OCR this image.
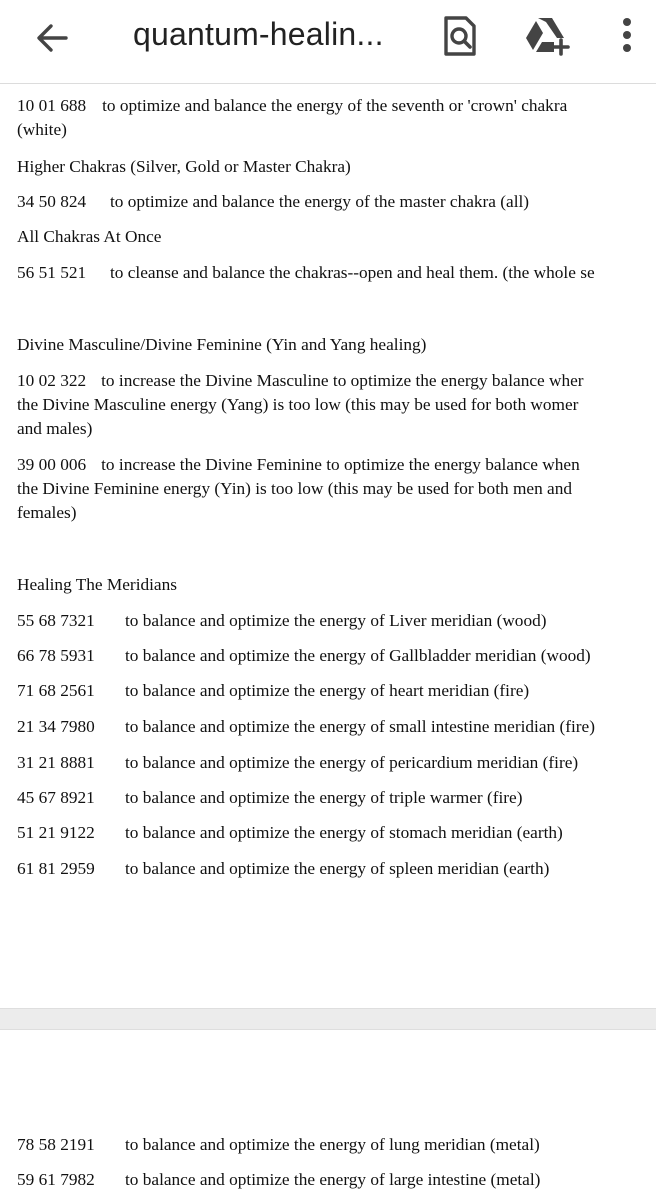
quantum-healin...
10 01 688 to optimize and balance the energy of the seventh or 'crown' chakra
(white)
Higher Chakras (Silver, Gold or Master Chakra)
34 50 824 to optimize and balance the energy of the master chakra (all)
All Chakras At Once
56 51 521 to cleanse and balance the chakras--open and heal them. (the whole se
Divine Masculine/Divine Feminine (Yin and Yang healing)
10 02 322 to increase the Divine Masculine to optimize the energy balance wher
the Divine Masculine energy (Yang) is too low (this may be used for both womer
and males)
39 00 006 to increase the Divine Feminine to optimize the energy balance when
the Divine Feminine energy (Yin) is too low (this may be used for both men and
females)
Healing The Meridians
55 68 7321 to balance and optimize the energy of Liver meridian (wood)
66 78 5931 to balance and optimize the energy of Gallbladder meridian (wood)
71 68 2561 to balance and optimize the energy of heart meridian (fire)
21 34 7980 to balance and optimize the energy of small intestine meridian (fire)
31 21 8881 to balance and optimize the energy of pericardium meridian (fire)
45 67 8921 to balance and optimize the energy of triple warmer (fire)
51 21 9122 to balance and optimize the energy of stomach meridian (earth)
61 81 2959 to balance and optimize the energy of spleen meridian (earth)
78 58 2191 to balance and optimize the energy of lung meridian (metal)
59 61 7982 to balance and optimize the energy of large intestine (metal)
